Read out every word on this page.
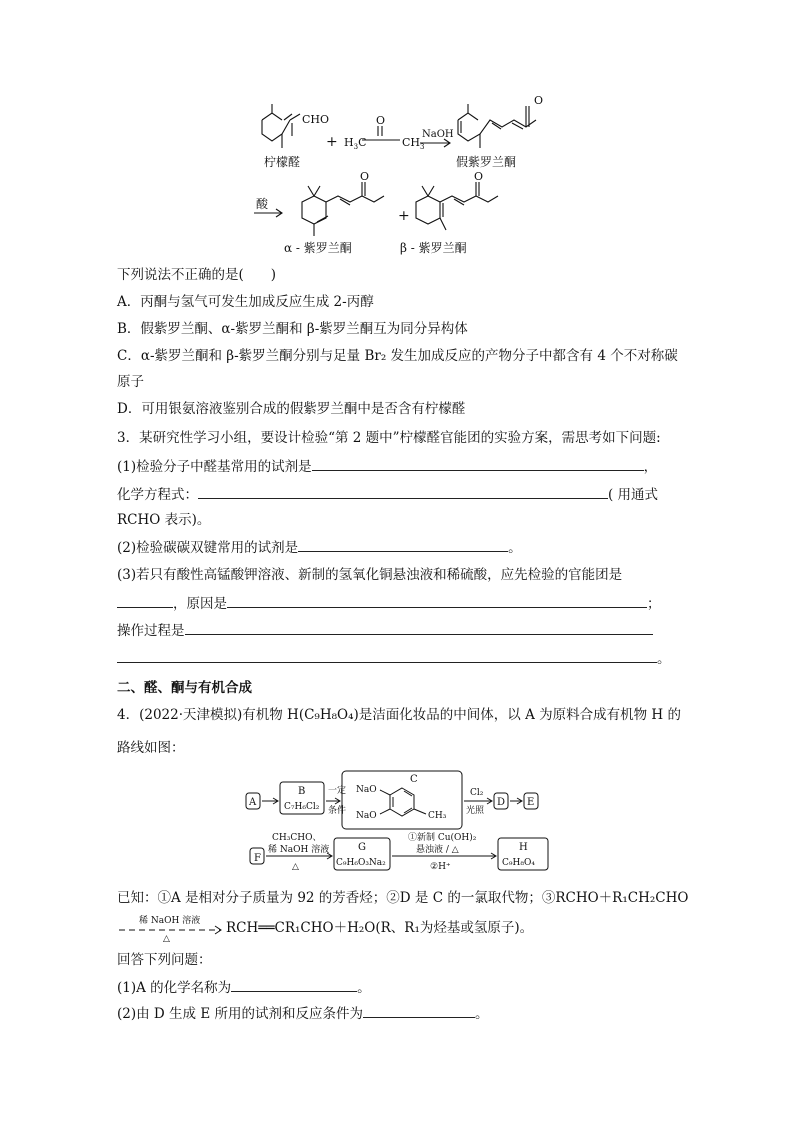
CHO
+ $H_3C$	$CH_3$
O
NaOH
O
柠檬醛	假紫罗兰酮
酸
O
+
O
α - 紫罗兰酮	β - 紫罗兰酮
下列说法不正确的是(　　)
A．丙酮与氢气可发生加成反应生成 2-丙醇
B．假紫罗兰酮、α-紫罗兰酮和 β-紫罗兰酮互为同分异构体
C．α-紫罗兰酮和 β-紫罗兰酮分别与足量 Br₂ 发生加成反应的产物分子中都含有 4 个不对称碳
原子
D．可用银氨溶液鉴别合成的假紫罗兰酮中是否含有柠檬醛
3．某研究性学习小组，要设计检验“第 2 题中”柠檬醛官能团的实验方案，需思考如下问题:
(1)检验分子中醛基常用的试剂是	，
化学方程式：	( 用通式
RCHO 表示)。
(2)检验碳碳双键常用的试剂是	。
(3)若只有酸性高锰酸钾溶液、新制的氢氧化铜悬浊液和稀硫酸，应先检验的官能团是
，原因是	；
操作过程是
。
二、醛、酮与有机合成
4．(2022·天津模拟)有机物 H(C₉H₈O₄)是洁面化妆品的中间体，以 A 为原料合成有机物 H 的
路线如图：
A
B
C₇H₆Cl₂
一定
条件
C
NaO
NaO	CH₃
Cl₂
光照
D E
CH₃CHO、
稀 NaOH 溶液
△
F
G
C₉H₆O₃Na₂
①新制 Cu(OH)₂
悬浊液 / △
②H⁺
H
C₉H₈O₄
已知：①A 是相对分子质量为 92 的芳香烃；②D 是 C 的一氯取代物；③RCHO＋R₁CH₂CHO
稀 NaOH 溶液
△
RCH══CR₁CHO＋H₂O(R、R₁为烃基或氢原子)。
回答下列问题：
(1)A 的化学名称为	。
(2)由 D 生成 E 所用的试剂和反应条件为	。
